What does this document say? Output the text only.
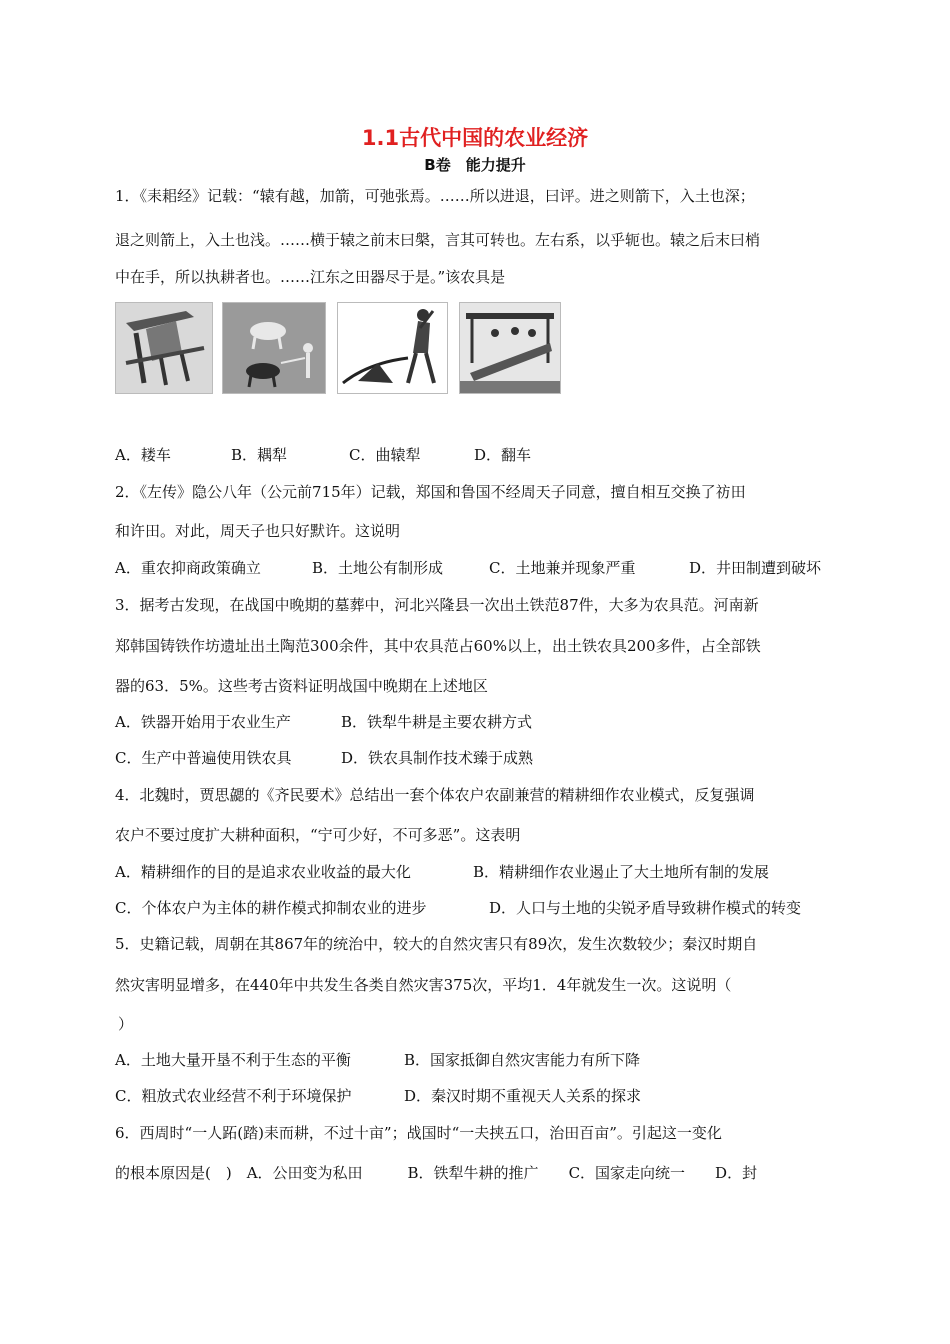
1.1古代中国的农业经济
B卷　能力提升
1．《耒耜经》记载：“辕有越，加箭，可弛张焉。……所以进退，曰评。进之则箭下，入土也深；
退之则箭上，入土也浅。……横于辕之前末曰槃，言其可转也。左右系，以乎轭也。辕之后末曰梢
中在手，所以执耕者也。……江东之田器尽于是。”该农具是
A．耧车	B．耦犁	C．曲辕犁	D．翻车
2．《左传》隐公八年（公元前715年）记载，郑国和鲁国不经周天子同意，擅自相互交换了祊田
和许田。对此，周天子也只好默许。这说明
A．重农抑商政策确立	B．土地公有制形成	C．土地兼并现象严重	D．井田制遭到破坏
3．据考古发现，在战国中晚期的墓葬中，河北兴隆县一次出土铁范87件，大多为农具范。河南新
郑韩国铸铁作坊遗址出土陶范300余件，其中农具范占60%以上，出土铁农具200多件，占全部铁
器的63．5%。这些考古资料证明战国中晚期在上述地区
A．铁器开始用于农业生产	B．铁犁牛耕是主要农耕方式
C．生产中普遍使用铁农具	D．铁农具制作技术臻于成熟
4．北魏时，贾思勰的《齐民要术》总结出一套个体农户农副兼营的精耕细作农业模式，反复强调
农户不要过度扩大耕种面积，“宁可少好，不可多恶”。这表明
A．精耕细作的目的是追求农业收益的最大化	B．精耕细作农业遏止了大土地所有制的发展
C．个体农户为主体的耕作模式抑制农业的进步	D．人口与土地的尖锐矛盾导致耕作模式的转变
5．史籍记载，周朝在其867年的统治中，较大的自然灾害只有89次，发生次数较少；秦汉时期自
然灾害明显增多，在440年中共发生各类自然灾害375次，平均1．4年就发生一次。这说明（
）
A．土地大量开垦不利于生态的平衡	B．国家抵御自然灾害能力有所下降
C．粗放式农业经营不利于环境保护	D．秦汉时期不重视天人关系的探求
6．西周时“一人跖(踏)耒而耕，不过十亩”；战国时“一夫挟五口，治田百亩”。引起这一变化
的根本原因是(　)　A．公田变为私田　　　B．铁犁牛耕的推广　　C．国家走向统一　　D．封
